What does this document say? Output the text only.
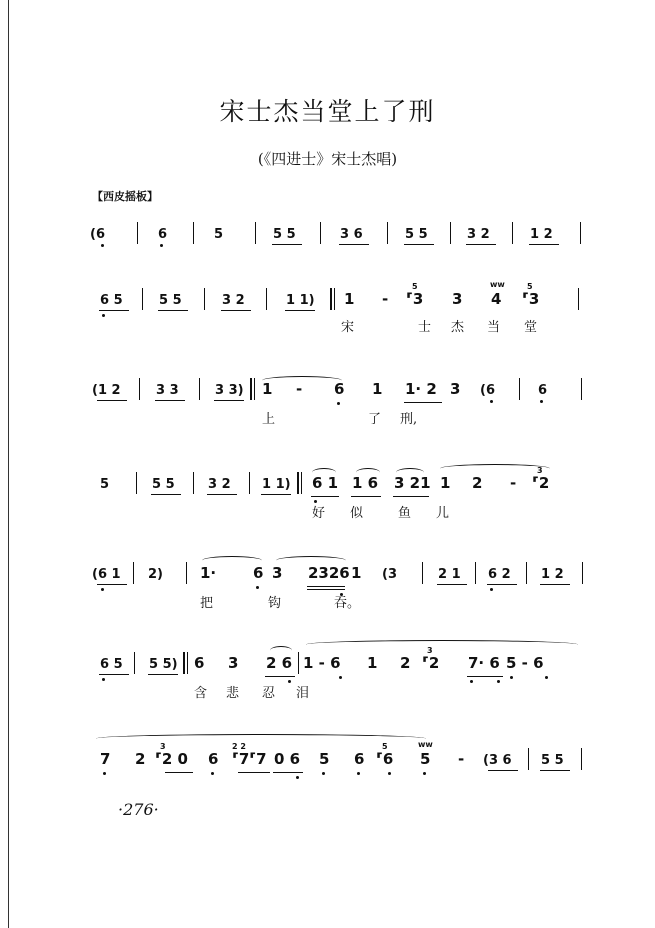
宋士杰当堂上了刑
(《四进士》宋士杰唱)
【西皮摇板】
(6	6	5	5 5	3 6	5 5	3 2	1 2
6 5	5 5	3 2	1 1) 1 -
5
⸢3 3
ᴡᴡ
4
5
⸢3
宋	士 杰 当 堂
(1 2	3 3	3 3) 1 - 6 1 1· 2 3 (6	6
上	了 刑,
5	5 5	3 2 1 1) 6 1 1 6 3 21 1 2 -
3
⸢2
好 似	鱼 儿
(6 1 2) 1· 6 3 2326 1 (3	2 1 6 2 1 2
把	钩	吞。
6 5 5 5) 6 3 2 6 1 - 6 1 2
3
⸢2 7· 6 5 - 6
含 悲 忍 泪
7 2
3
⸢2 0 6
2 2
⸢7⸢7 0 6 5 6
5
⸢6
ᴡᴡ
5 - (3 6 5 5
·276·
